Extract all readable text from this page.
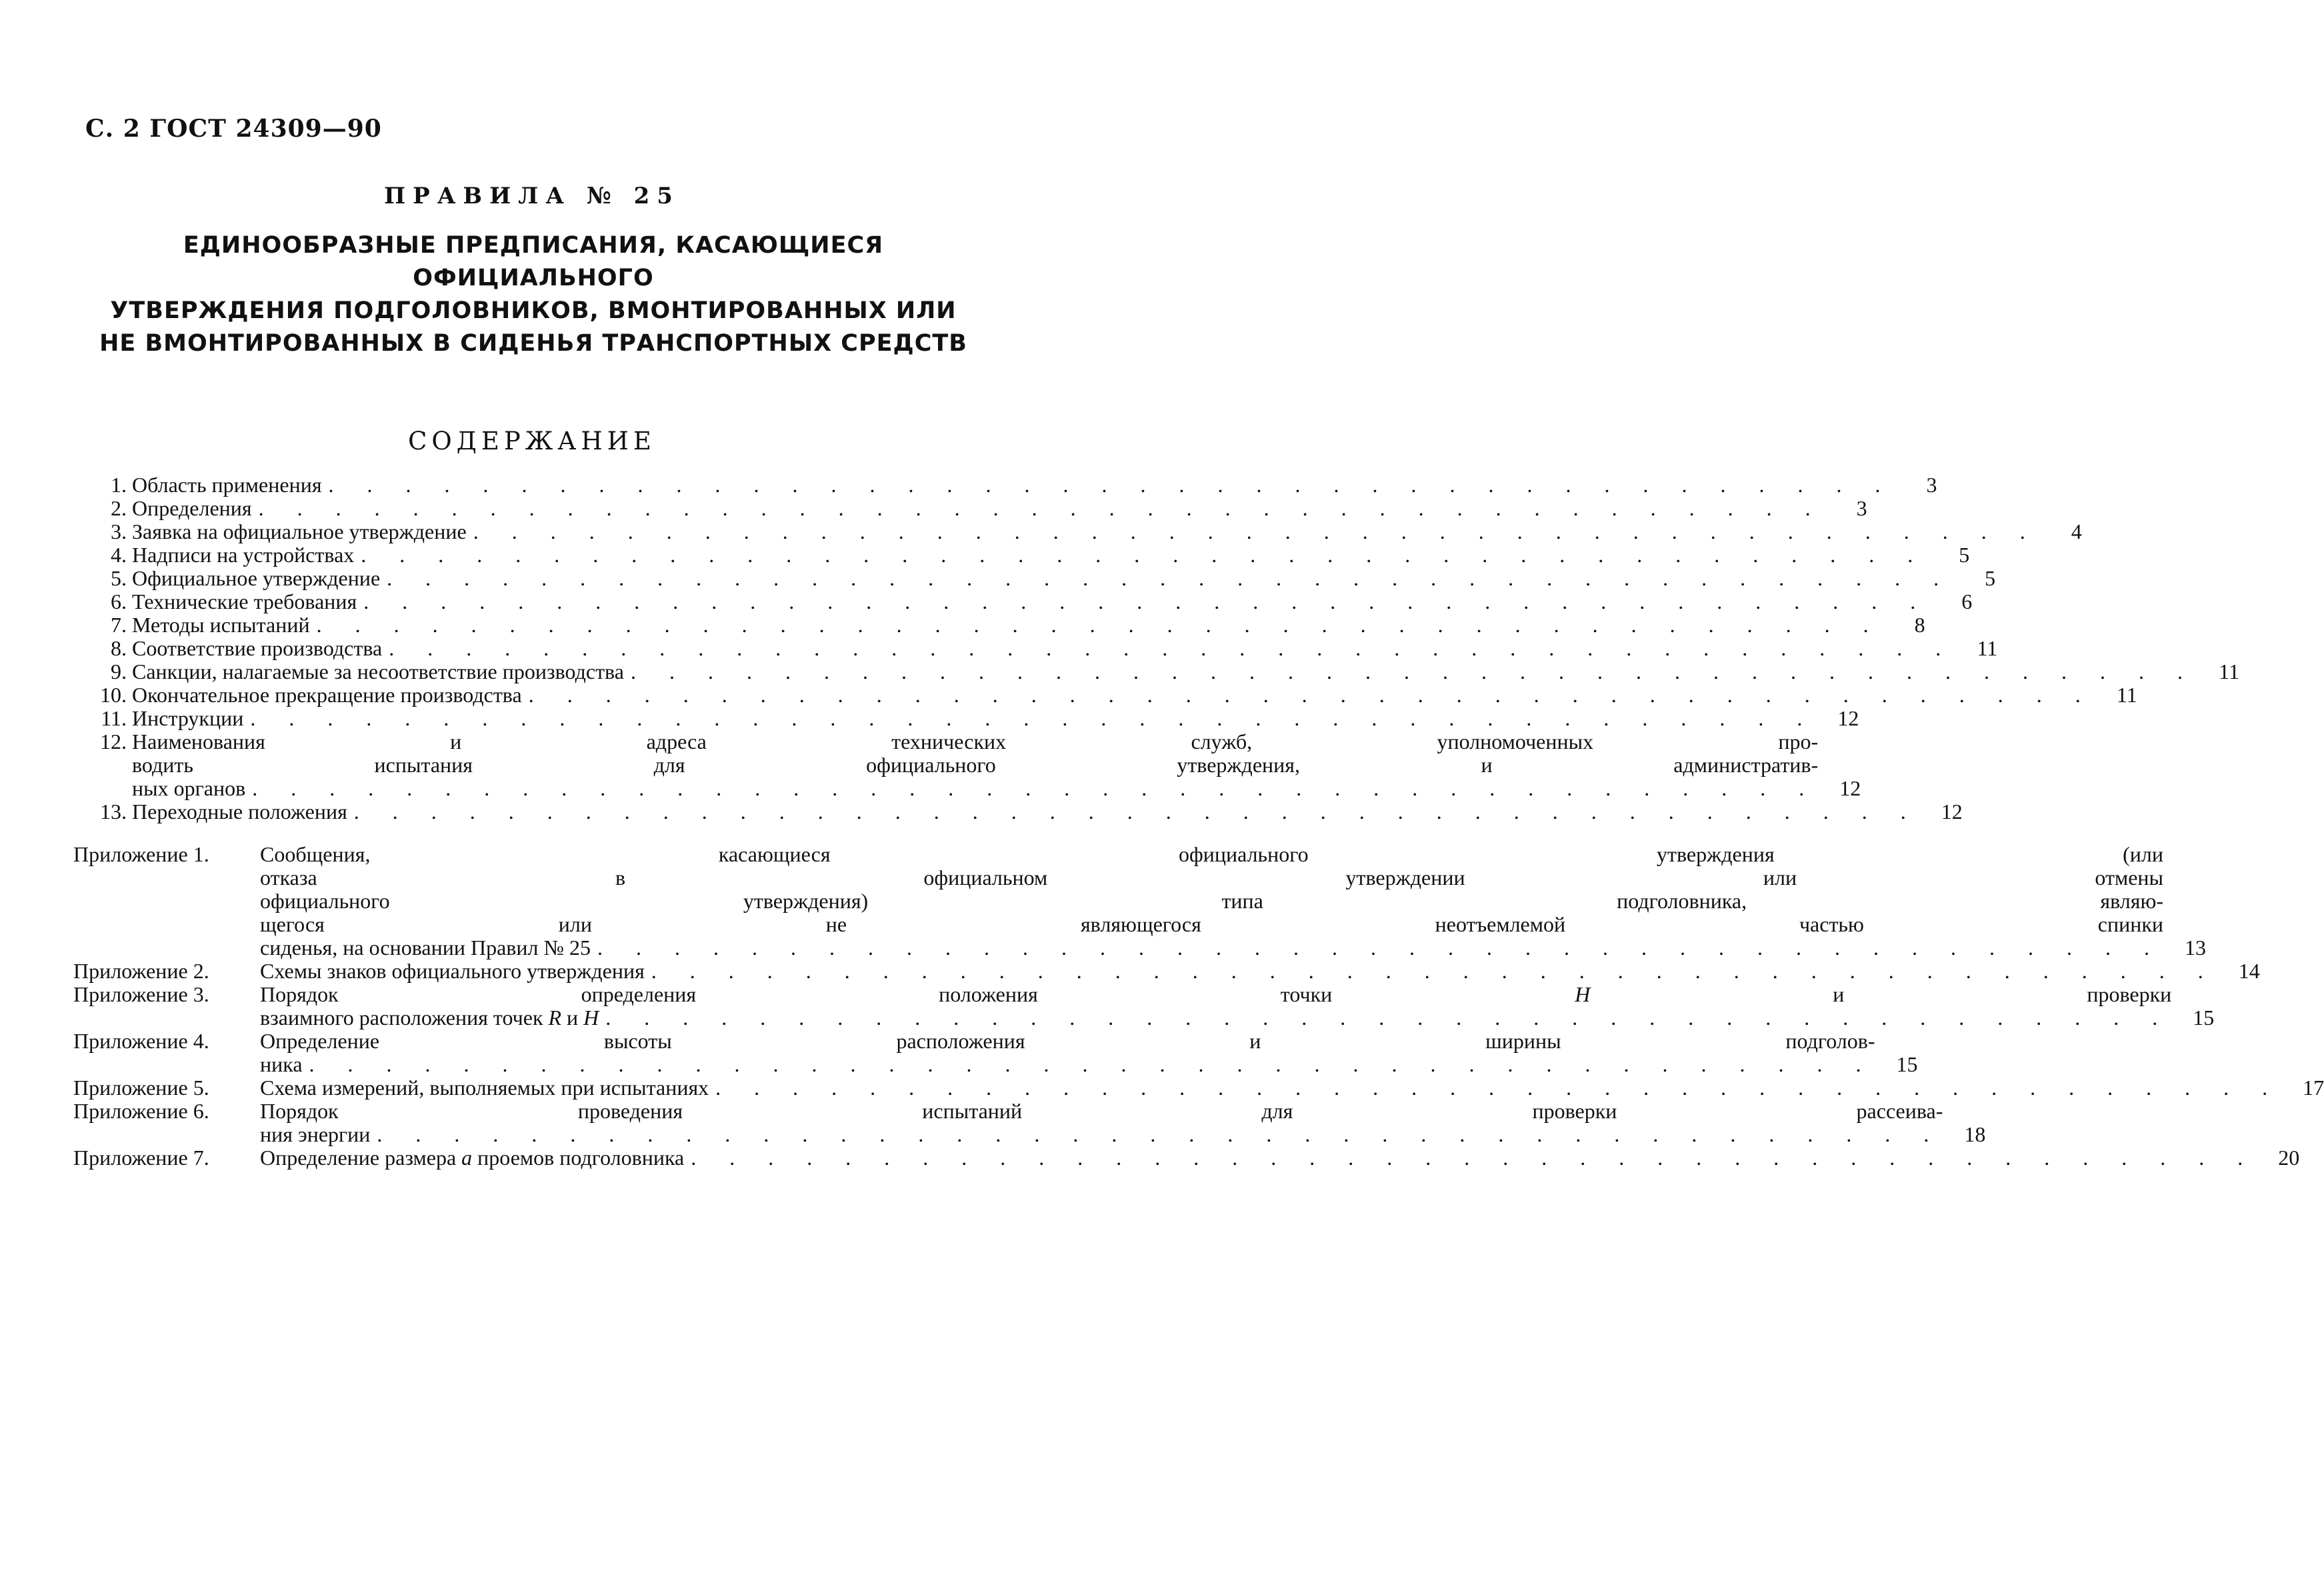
С. 2 ГОСТ 24309—90
ПРАВИЛА № 25
ЕДИНООБРАЗНЫЕ ПРЕДПИСАНИЯ, КАСАЮЩИЕСЯ ОФИЦИАЛЬНОГО
УТВЕРЖДЕНИЯ ПОДГОЛОВНИКОВ, ВМОНТИРОВАННЫХ ИЛИ
НЕ ВМОНТИРОВАННЫХ В СИДЕНЬЯ ТРАНСПОРТНЫХ СРЕДСТВ
СОДЕРЖАНИЕ
1. Область применения . . .	3
2. Определения . . .	3
3. Заявка на официальное утверждение . . .	4
4. Надписи на устройствах . . .	5
5. Официальное утверждение . . .	5
6. Технические требования . . .	6
7. Методы испытаний . . .	8
8. Соответствие производства . . .	11
9. Санкции, налагаемые за несоответствие производства . . .	11
10. Окончательное прекращение производства . . .	11
11. Инструкции . . .	12
12. Наименования и адреса технических служб, уполномоченных про-
водить испытания для официального утверждения, и административ-
ных органов . . .	12
13. Переходные положения . . .	12
Приложение 1.	Сообщения, касающиеся официального утверждения (или
отказа в официальном утверждении или отмены
официального утверждения) типа подголовника, являю-
щегося или не являющегося неотъемлемой частью спинки
сиденья, на основании Правил № 25 . . .	13
Приложение 2.	Схемы знаков официального утверждения . . .	14
Приложение 3.	Порядок определения положения точки H и проверки
взаимного расположения точек R и H . . .	15
Приложение 4.	Определение высоты расположения и ширины подголов-
ника . . .	15
Приложение 5.	Схема измерений, выполняемых при испытаниях . . .	17
Приложение 6.	Порядок проведения испытаний для проверки рассеива-
ния энергии . . .	18
Приложение 7.	Определение размера a проемов подголовника . . .	20
